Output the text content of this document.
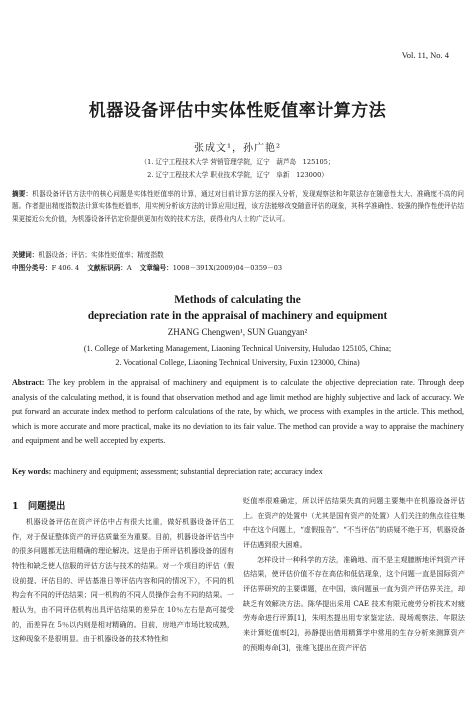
Vol. 11, No. 4
机器设备评估中实体性贬值率计算方法
张成文¹，孙广艳²
（1. 辽宁工程技术大学 营销管理学院，辽宁　葫芦岛　125105；
2. 辽宁工程技术大学 职业技术学院，辽宁　阜新　123000）
摘要：机器设备评估方法中的核心问题是实体性贬值率的计算，通过对目前计算方法的探入分析，发现观察法和年限法存在随意性太大、准确度不高的问题。作者提出精度指数法计算实体性贬值率，用实例分析该方法的计算应用过程，该方法能够改变随意评估的现象，其科学准确性、较强的操作性使评估结果更接近公允价值，为机器设备评估定价提供更加有效的技术方法，获得业内人士的广泛认可。
关键词：机器设备；评估；实体性贬值率；精度指数
中图分类号：F 406. 4 文献标识码：A 文章编号：1008－391X(2009)04－0359－03
Methods of calculating the
depreciation rate in the appraisal of machinery and equipment
ZHANG Chengwen¹, SUN Guangyan²
(1. College of Marketing Management, Liaoning Technical University, Huludao 125105, China;
2. Vocational College, Liaoning Technical University, Fuxin 123000, China)
Abstract: The key problem in the appraisal of machinery and equipment is to calculate the objective depreciation rate. Through deep analysis of the calculating method, it is found that observation method and age limit method are highly subjective and lack of accuracy. We put forward an accurate index method to perform calculations of the rate, by which, we process with examples in the article. This method, which is more accurate and more practical, make its no deviation to its fair value. The method can provide a way to appraise the machinery and equipment and be well accepted by experts.
Key words: machinery and equipment; assessment; substantial depreciation rate; accuracy index
1　问题提出

机器设备评估在资产评估中占有很大比重，做好机器设备评估工作，对于保证整体资产的评估质量至为重要。目前，机器设备评估当中的很多问题都无法用精确的理论解决。这是由于所评估机器设备的固有特性和缺乏使人信服的评估方法与技术的结果。对一个项目的评估（假设前提、评估目的、评估基准日等评估内容和同的情况下），不同的机构会有不同的评估结果；同一机构的不同人员操作会有不同的结果。一般认为，由不同评估机构出具评估结果的差异在 10％左右是高可接受的，而差异在 5％以内则是相对精确的。目前，房地产市场比较成熟，这种现象不是很明显。由于机器设备的技术特性和

贬值率很难确定，所以评估结果失真的问题主要集中在机器设备评估上。在资产的处置中（尤其是国有资产的处置）人们关注的焦点往往集中在这个问题上，“虚假报告”、“不当评估”的质疑不绝于耳，机器设备评估遇到很大困难。

怎样设计一种科学的方法，准确地、而不是主观臆断地评判资产评估结果，使评估价值不存在高估和低估现象，这个问题一直是国际资产评估界研究的主要课题，在中国，该问题虽一直为资产评估界关注，却缺乏有效解决方法。陈华提出采用 CAE 技术有限元疲劳分析技术对疲劳寿命进行评算[1]，朱明杰提出用专家鉴定法、现场观察法、年限法来计算贬值率[2]，孙静提出借用精算学中常用的生存分析来测算资产的预期寿命[3]，张维飞提出在资产评估
